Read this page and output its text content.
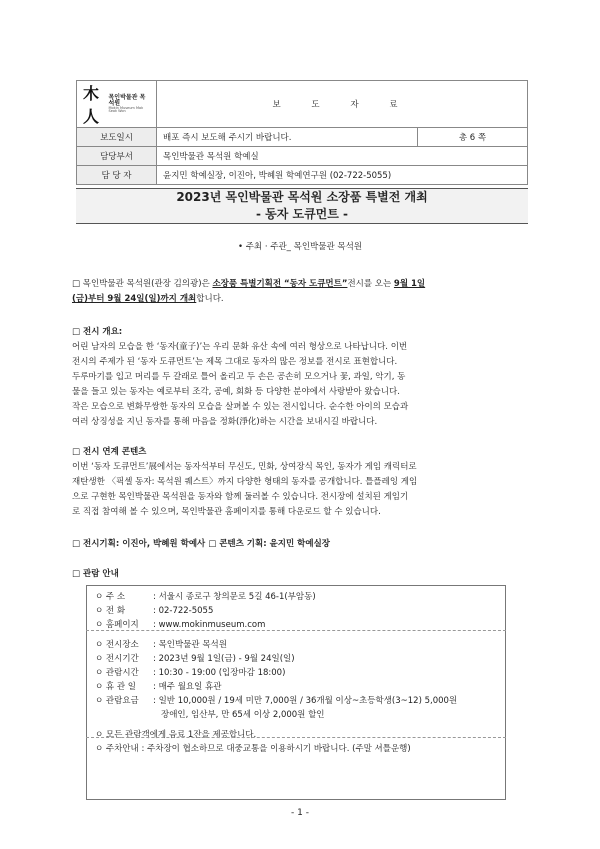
木人
목인박물관 목석원
Mokin Museum Mok Seok Won	보 도 자 료	
보도일시	배포 즉시 보도해 주시기 바랍니다.	총 6 쪽
담당부서	목인박물관 목석원 학예실	
담 당 자	윤지민 학예실장, 이진아, 박혜원 학예연구원 (02-722-5055)	
2023년 목인박물관 목석원 소장품 특별전 개최
- 동자 도큐먼트 -
• 주최 · 주관_ 목인박물관 목석원

□ 목인박물관 목석원(관장 김의광)은 소장품 특별기획전 “동자 도큐먼트”전시를 오는 9월 1일

(금)부터 9월 24일(일)까지 개최합니다.

□ 전시 개요:

어린 남자의 모습을 한 ‘동자(童子)’는 우리 문화 유산 속에 여러 형상으로 나타납니다. 이번

전시의 주제가 된 ‘동자 도큐먼트’는 제목 그대로 동자의 많은 정보를 전시로 표현합니다.

두루마기를 입고 머리를 두 갈래로 틀어 올리고 두 손은 공손히 모으거나 꽃, 과일, 악기, 동

물을 들고 있는 동자는 예로부터 조각, 공예, 회화 등 다양한 분야에서 사랑받아 왔습니다.

작은 모습으로 변화무쌍한 동자의 모습을 살펴볼 수 있는 전시입니다. 순수한 아이의 모습과

여러 상징성을 지닌 동자를 통해 마음을 정화(淨化)하는 시간을 보내시길 바랍니다.

□ 전시 연계 콘텐츠

이번 ‘동자 도큐먼트’展에서는 동자석부터 무신도, 민화, 상여장식 목인, 동자가 게임 캐릭터로

재탄생한 〈픽셀 동자: 목석원 퀘스트〉까지 다양한 형태의 동자를 공개합니다. 틀플레잉 게임

으로 구현한 목인박물관 목석원을 동자와 함께 둘러볼 수 있습니다. 전시장에 설치된 게임기

로 직접 참여해 볼 수 있으며, 목인박물관 홈페이지를 통해 다운로드 할 수 있습니다.

□ 전시기획: 이진아, 박혜원 학예사 □ 콘텐츠 기획: 윤지민 학예실장
□ 관람 안내
ㅇ 주 소	: 서울시 종로구 창의문로 5길 46-1(부암동)
ㅇ 전 화	: 02-722-5055
ㅇ 홈페이지	: www.mokinmuseum.com
ㅇ 전시장소	: 목인박물관 목석원
ㅇ 전시기간	: 2023년 9월 1일(금) - 9월 24일(일)
ㅇ 관람시간	: 10:30 - 19:00 (입장마감 18:00)
ㅇ 휴 관 일	: 매주 월요일 휴관
ㅇ 관람요금	: 일반 10,000원 / 19세 미만 7,000원 / 36개월 이상~초등학생(3~12) 5,000원
장애인, 임산부, 만 65세 이상 2,000원 할인
ㅇ 모든 관람객에게 음료 1잔을 제공합니다.
ㅇ 주차안내 : 주차장이 협소하므로 대중교통을 이용하시기 바랍니다. (주말 셔틀운행)
- 1 -
